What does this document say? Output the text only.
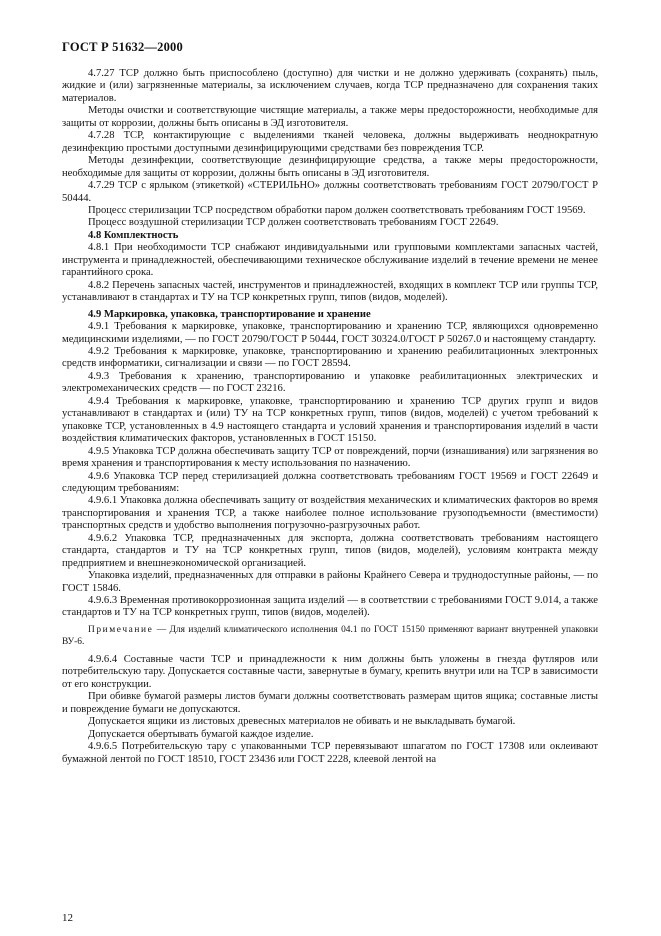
ГОСТ Р 51632—2000

4.7.27 ТСР должно быть приспособлено (доступно) для чистки и не должно удерживать (сохранять) пыль, жидкие и (или) загрязненные материалы, за исключением случаев, когда ТСР предназначено для сохранения таких материалов.

Методы очистки и соответствующие чистящие материалы, а также меры предосторожности, необходимые для защиты от коррозии, должны быть описаны в ЭД изготовителя.

4.7.28 ТСР, контактирующие с выделениями тканей человека, должны выдерживать неоднократную дезинфекцию простыми доступными дезинфицирующими средствами без повреждения ТСР.

Методы дезинфекции, соответствующие дезинфицирующие средства, а также меры предосторожности, необходимые для защиты от коррозии, должны быть описаны в ЭД изготовителя.

4.7.29 ТСР с ярлыком (этикеткой) «СТЕРИЛЬНО» должны соответствовать требованиям ГОСТ 20790/ГОСТ Р 50444.

Процесс стерилизации ТСР посредством обработки паром должен соответствовать требованиям ГОСТ 19569.

Процесс воздушной стерилизации ТСР должен соответствовать требованиям ГОСТ 22649.

4.8 Комплектность

4.8.1 При необходимости ТСР снабжают индивидуальными или групповыми комплектами запасных частей, инструмента и принадлежностей, обеспечивающими техническое обслуживание изделий в течение времени не менее гарантийного срока.

4.8.2 Перечень запасных частей, инструментов и принадлежностей, входящих в комплект ТСР или группы ТСР, устанавливают в стандартах и ТУ на ТСР конкретных групп, типов (видов, моделей).

4.9 Маркировка, упаковка, транспортирование и хранение

4.9.1 Требования к маркировке, упаковке, транспортированию и хранению ТСР, являющихся одновременно медицинскими изделиями, — по ГОСТ 20790/ГОСТ Р 50444, ГОСТ 30324.0/ГОСТ Р 50267.0 и настоящему стандарту.

4.9.2 Требования к маркировке, упаковке, транспортированию и хранению реабилитационных электронных средств информатики, сигнализации и связи — по ГОСТ 28594.

4.9.3 Требования к хранению, транспортированию и упаковке реабилитационных электрических и электромеханических средств — по ГОСТ 23216.

4.9.4 Требования к маркировке, упаковке, транспортированию и хранению ТСР других групп и видов устанавливают в стандартах и (или) ТУ на ТСР конкретных групп, типов (видов, моделей) с учетом требований к упаковке ТСР, установленных в 4.9 настоящего стандарта и условий хранения и транспортирования изделий в части воздействия климатических факторов, установленных в ГОСТ 15150.

4.9.5 Упаковка ТСР должна обеспечивать защиту ТСР от повреждений, порчи (изнашивания) или загрязнения во время хранения и транспортирования к месту использования по назначению.

4.9.6 Упаковка ТСР перед стерилизацией должна соответствовать требованиям ГОСТ 19569 и ГОСТ 22649 и следующим требованиям:

4.9.6.1 Упаковка должна обеспечивать защиту от воздействия механических и климатических факторов во время транспортирования и хранения ТСР, а также наиболее полное использование грузоподъемности (вместимости) транспортных средств и удобство выполнения погрузочно-разгрузочных работ.

4.9.6.2 Упаковка ТСР, предназначенных для экспорта, должна соответствовать требованиям настоящего стандарта, стандартов и ТУ на ТСР конкретных групп, типов (видов, моделей), условиям контракта между предприятием и внешнеэкономической организацией.

Упаковка изделий, предназначенных для отправки в районы Крайнего Севера и труднодоступные районы, — по ГОСТ 15846.

4.9.6.3 Временная противокоррозионная защита изделий — в соответствии с требованиями ГОСТ 9.014, а также стандартов и ТУ на ТСР конкретных групп, типов (видов, моделей).

Примечание — Для изделий климатического исполнения 04.1 по ГОСТ 15150 применяют вариант внутренней упаковки ВУ-6.

4.9.6.4 Составные части ТСР и принадлежности к ним должны быть уложены в гнезда футляров или потребительскую тару. Допускается составные части, завернутые в бумагу, крепить внутри или на ТСР в зависимости от его конструкции.

При обивке бумагой размеры листов бумаги должны соответствовать размерам щитов ящика; составные листы и повреждение бумаги не допускаются.

Допускается ящики из листовых древесных материалов не обивать и не выкладывать бумагой.

Допускается обертывать бумагой каждое изделие.

4.9.6.5 Потребительскую тару с упакованными ТСР перевязывают шпагатом по ГОСТ 17308 или оклеивают бумажной лентой по ГОСТ 18510, ГОСТ 23436 или ГОСТ 2228, клеевой лентой на

12
